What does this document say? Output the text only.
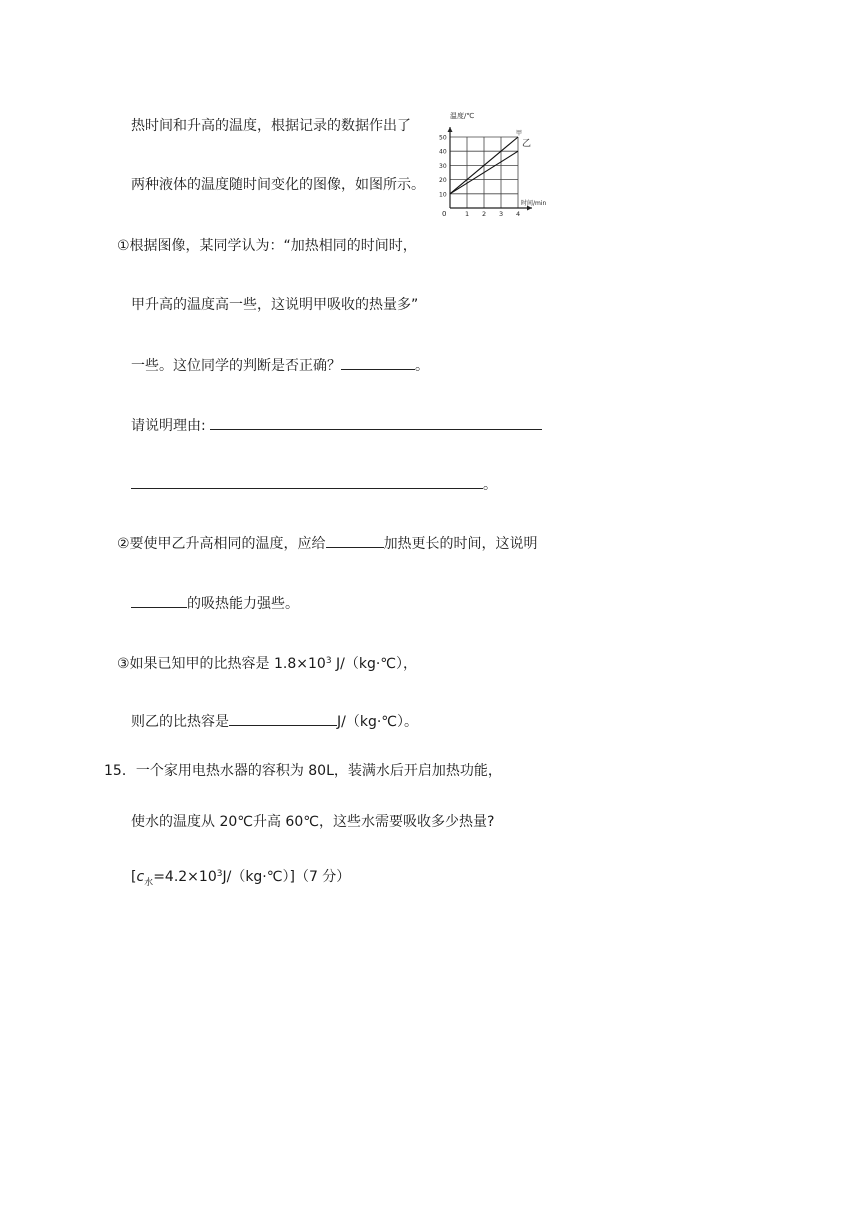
热时间和升高的温度，根据记录的数据作出了
两种液体的温度随时间变化的图像，如图所示。
1 2 3 4
10
20
30
40
50
甲
乙
温度/℃
时间/min
0
①根据图像，某同学认为：“加热相同的时间时，
甲升高的温度高一些，这说明甲吸收的热量多”
一些。这位同学的判断是否正确？	。
请说明理由:
。
②要使甲乙升高相同的温度，应给	加热更长的时间，这说明
的吸热能力强些。
③如果已知甲的比热容是 $1.8\times 10^3$ J/（kg·℃），
则乙的比热容是	J/（kg·℃）。
15．一个家用电热水器的容积为 80L，装满水后开启加热功能，
使水的温度从 20℃升高 60℃，这些水需要吸收多少热量?
$[c_水=4.2\times 10^3J/(kg\cdot℃)](7$ 分）
